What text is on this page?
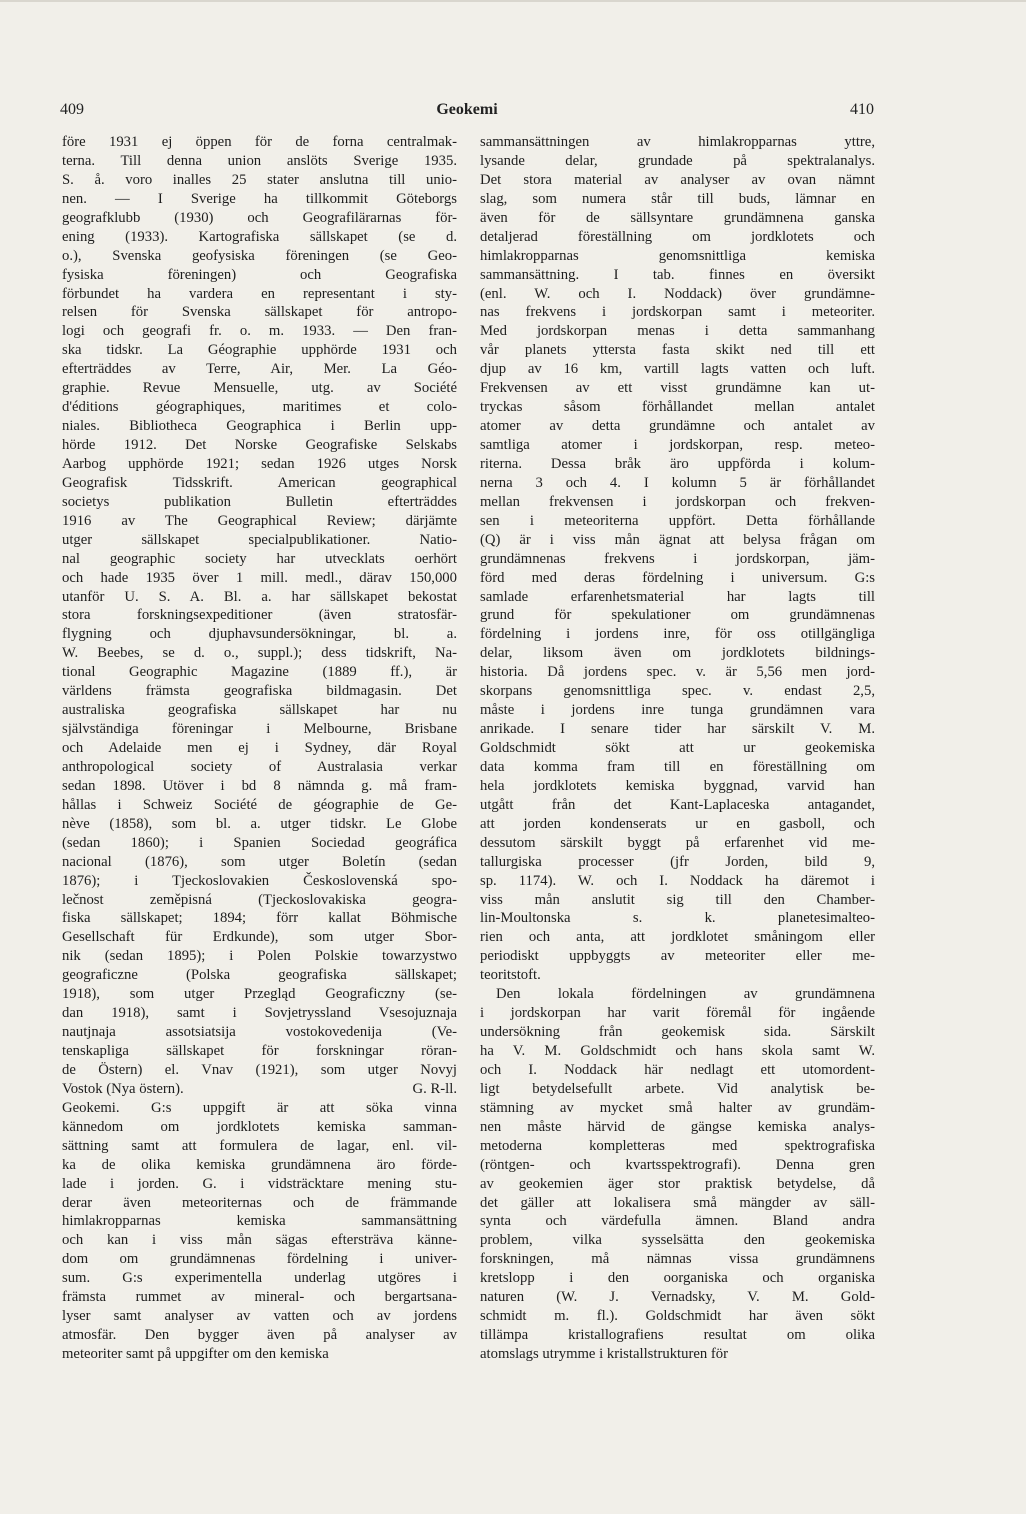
409	Geokemi	410
före 1931 ej öppen för de forna centralmak-
terna. Till denna union anslöts Sverige 1935.
S. å. voro inalles 25 stater anslutna till unio-
nen. — I Sverige ha tillkommit Göteborgs
geografklubb (1930) och Geografilärarnas för-
ening (1933). Kartografiska sällskapet (se d.
o.), Svenska geofysiska föreningen (se Geo-
fysiska föreningen) och Geografiska
förbundet ha vardera en representant i sty-
relsen för Svenska sällskapet för antropo-
logi och geografi fr. o. m. 1933. — Den fran-
ska tidskr. La Géographie upphörde 1931 och
efterträddes av Terre, Air, Mer. La Géo-
graphie. Revue Mensuelle, utg. av Société
d'éditions géographiques, maritimes et colo-
niales. Bibliotheca Geographica i Berlin upp-
hörde 1912. Det Norske Geografiske Selskabs
Aarbog upphörde 1921; sedan 1926 utges Norsk
Geografisk Tidsskrift. American geographical
societys publikation Bulletin efterträddes
1916 av The Geographical Review; därjämte
utger sällskapet specialpublikationer. Natio-
nal geographic society har utvecklats oerhört
och hade 1935 över 1 mill. medl., därav 150,000
utanför U. S. A. Bl. a. har sällskapet bekostat
stora forskningsexpeditioner (även stratosfär-
flygning och djuphavsundersökningar, bl. a.
W. Beebes, se d. o., suppl.); dess tidskrift, Na-
tional Geographic Magazine (1889 ff.), är
världens främsta geografiska bildmagasin. Det
australiska geografiska sällskapet har nu
självständiga föreningar i Melbourne, Brisbane
och Adelaide men ej i Sydney, där Royal
anthropological society of Australasia verkar
sedan 1898. Utöver i bd 8 nämnda g. må fram-
hållas i Schweiz Société de géographie de Ge-
nève (1858), som bl. a. utger tidskr. Le Globe
(sedan 1860); i Spanien Sociedad geográfica
nacional (1876), som utger Boletín (sedan
1876); i Tjeckoslovakien Československá spo-
lečnost zeměpisná (Tjeckoslovakiska geogra-
fiska sällskapet; 1894; förr kallat Böhmische
Gesellschaft für Erdkunde), som utger Sbor-
nik (sedan 1895); i Polen Polskie towarzystwo
geograficzne (Polska geografiska sällskapet;
1918), som utger Przegląd Geograficzny (se-
dan 1918), samt i Sovjetryssland Vsesojuznaja
nautjnaja assotsiatsija vostokovedenija (Ve-
tenskapliga sällskapet för forskningar röran-
de Östern) el. Vnav (1921), som utger Novyj
Vostok (Nya östern).	G. R-ll.
Geokemi. G:s uppgift är att söka vinna
kännedom om jordklotets kemiska samman-
sättning samt att formulera de lagar, enl. vil-
ka de olika kemiska grundämnena äro förde-
lade i jorden. G. i vidsträcktare mening stu-
derar även meteoriternas och de främmande
himlakropparnas kemiska sammansättning
och kan i viss mån sägas eftersträva känne-
dom om grundämnenas fördelning i univer-
sum. G:s experimentella underlag utgöres i
främsta rummet av mineral- och bergartsana-
lyser samt analyser av vatten och av jordens
atmosfär. Den bygger även på analyser av
meteoriter samt på uppgifter om den kemiska
sammansättningen av himlakropparnas yttre,
lysande delar, grundade på spektralanalys.
Det stora material av analyser av ovan nämnt
slag, som numera står till buds, lämnar en
även för de sällsyntare grundämnena ganska
detaljerad föreställning om jordklotets och
himlakropparnas genomsnittliga kemiska
sammansättning. I tab. finnes en översikt
(enl. W. och I. Noddack) över grundämne-
nas frekvens i jordskorpan samt i meteoriter.
Med jordskorpan menas i detta sammanhang
vår planets yttersta fasta skikt ned till ett
djup av 16 km, vartill lagts vatten och luft.
Frekvensen av ett visst grundämne kan ut-
tryckas såsom förhållandet mellan antalet
atomer av detta grundämne och antalet av
samtliga atomer i jordskorpan, resp. meteo-
riterna. Dessa bråk äro uppförda i kolum-
nerna 3 och 4. I kolumn 5 är förhållandet
mellan frekvensen i jordskorpan och frekven-
sen i meteoriterna uppfört. Detta förhållande
(Q) är i viss mån ägnat att belysa frågan om
grundämnenas frekvens i jordskorpan, jäm-
förd med deras fördelning i universum. G:s
samlade erfarenhetsmaterial har lagts till
grund för spekulationer om grundämnenas
fördelning i jordens inre, för oss otillgängliga
delar, liksom även om jordklotets bildnings-
historia. Då jordens spec. v. är 5,56 men jord-
skorpans genomsnittliga spec. v. endast 2,5,
måste i jordens inre tunga grundämnen vara
anrikade. I senare tider har särskilt V. M.
Goldschmidt sökt att ur geokemiska
data komma fram till en föreställning om
hela jordklotets kemiska byggnad, varvid han
utgått från det Kant-Laplaceska antagandet,
att jorden kondenserats ur en gasboll, och
dessutom särskilt byggt på erfarenhet vid me-
tallurgiska processer (jfr Jorden, bild 9,
sp. 1174). W. och I. Noddack ha däremot i
viss mån anslutit sig till den Chamber-
lin-Moultonska s. k. planetesimalteo-
rien och anta, att jordklotet småningom eller
periodiskt uppbyggts av meteoriter eller me-
teoritstoft.
Den lokala fördelningen av grundämnena
i jordskorpan har varit föremål för ingående
undersökning från geokemisk sida. Särskilt
ha V. M. Goldschmidt och hans skola samt W.
och I. Noddack här nedlagt ett utomordent-
ligt betydelsefullt arbete. Vid analytisk be-
stämning av mycket små halter av grundäm-
nen måste härvid de gängse kemiska analys-
metoderna kompletteras med spektrografiska
(röntgen- och kvartsspektrografi). Denna gren
av geokemien äger stor praktisk betydelse, då
det gäller att lokalisera små mängder av säll-
synta och värdefulla ämnen. Bland andra
problem, vilka sysselsätta den geokemiska
forskningen, må nämnas vissa grundämnens
kretslopp i den oorganiska och organiska
naturen (W. J. Vernadsky, V. M. Gold-
schmidt m. fl.). Goldschmidt har även sökt
tillämpa kristallografiens resultat om olika
atomslags utrymme i kristallstrukturen för
